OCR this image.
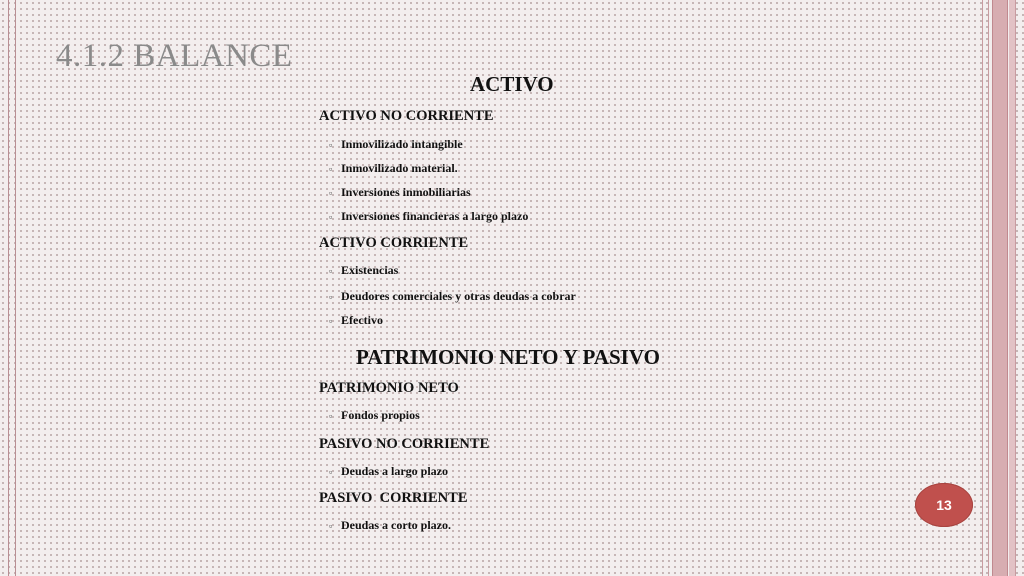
4.1.2 BALANCE
ACTIVO
ACTIVO NO CORRIENTE
▫ Inmovilizado intangible
▫ Inmovilizado material.
▫ Inversiones inmobiliarias
▫ Inversiones financieras a largo plazo
ACTIVO CORRIENTE
▫ Existencias
▫ Deudores comerciales y otras deudas a cobrar
▫ Efectivo
PATRIMONIO NETO Y PASIVO
PATRIMONIO NETO
▫ Fondos propios
PASIVO NO CORRIENTE
▫ Deudas a largo plazo
PASIVO  CORRIENTE
▫ Deudas a corto plazo.
13
